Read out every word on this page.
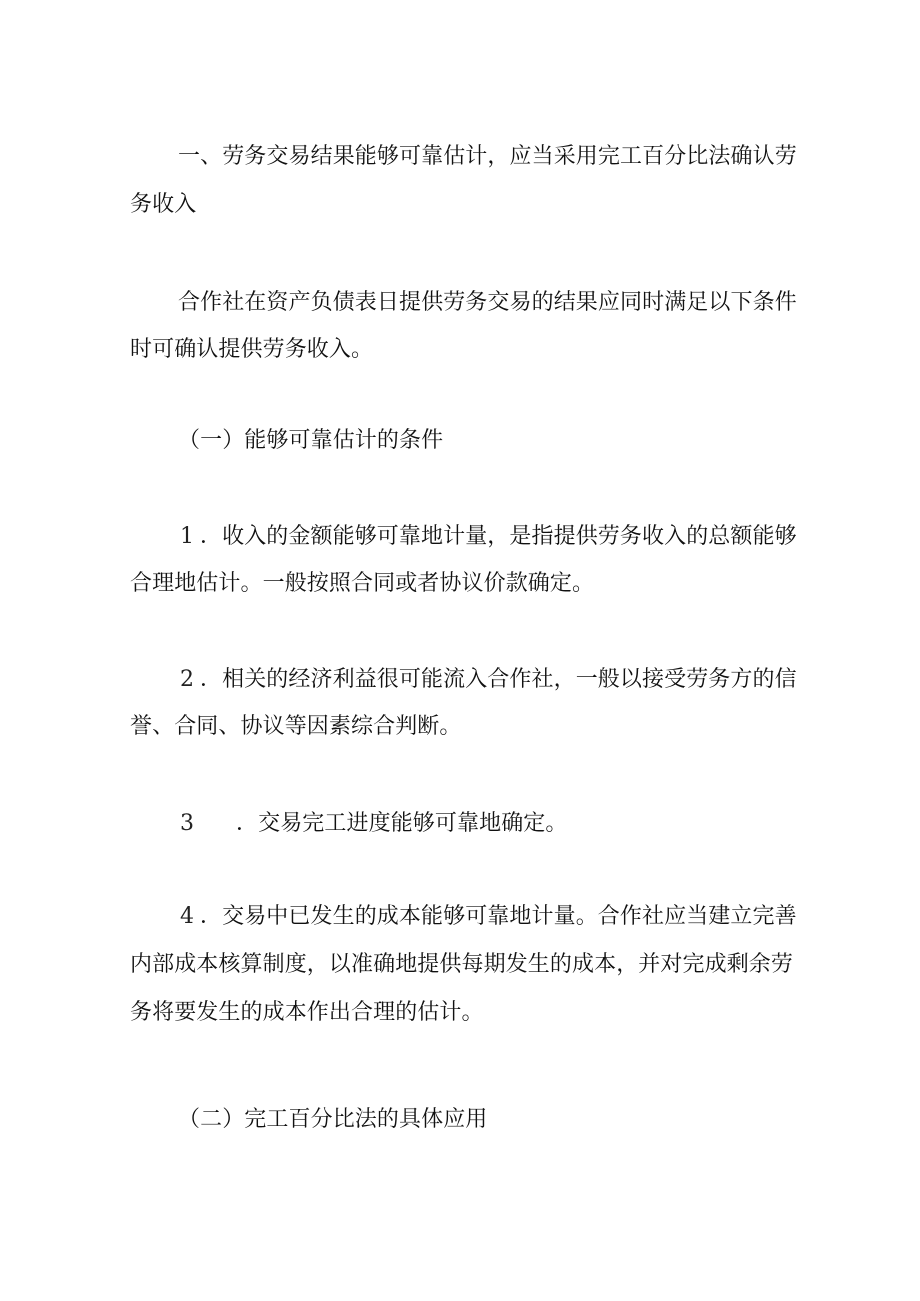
一、劳务交易结果能够可靠估计，应当采用完工百分比法确认劳
务收入
合作社在资产负债表日提供劳务交易的结果应同时满足以下条件
时可确认提供劳务收入。
（一）能够可靠估计的条件
1 ．收入的金额能够可靠地计量，是指提供劳务收入的总额能够
合理地估计。一般按照合同或者协议价款确定。
2 ．相关的经济利益很可能流入合作社，一般以接受劳务方的信
誉、合同、协议等因素综合判断。
3 ．交易完工进度能够可靠地确定。
4 ．交易中已发生的成本能够可靠地计量。合作社应当建立完善
内部成本核算制度，以准确地提供每期发生的成本，并对完成剩余劳
务将要发生的成本作出合理的估计。
（二）完工百分比法的具体应用
